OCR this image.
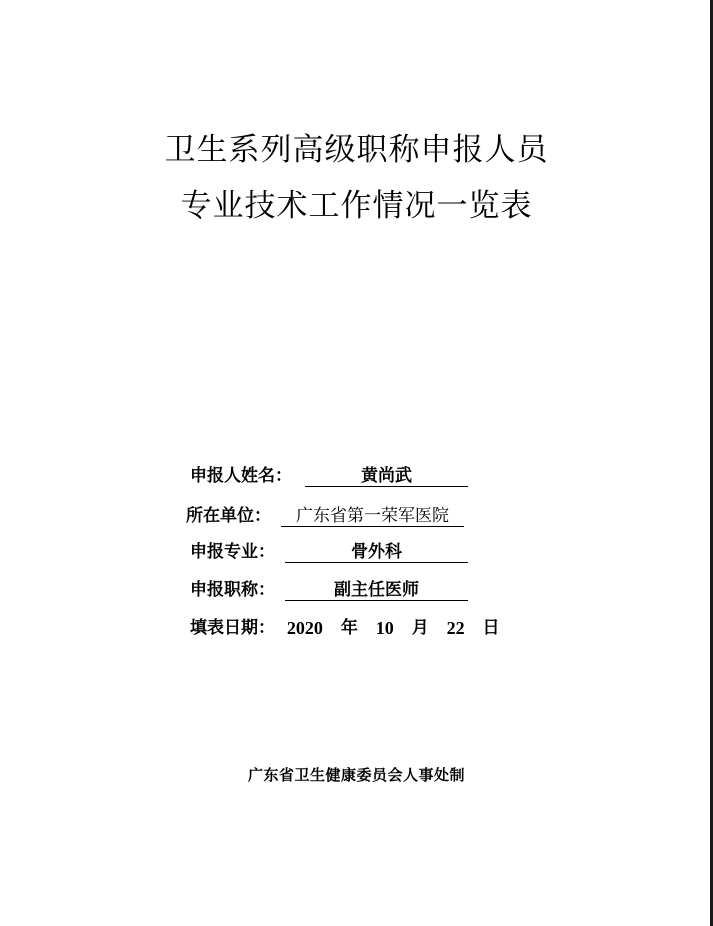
卫生系列高级职称申报人员
专业技术工作情况一览表
申报人姓名：	黄尚武
所在单位：	广东省第一荣军医院
申报专业：	骨外科
申报职称：	副主任医师
填表日期： 2020 年 10 月 22 日
广东省卫生健康委员会人事处制
